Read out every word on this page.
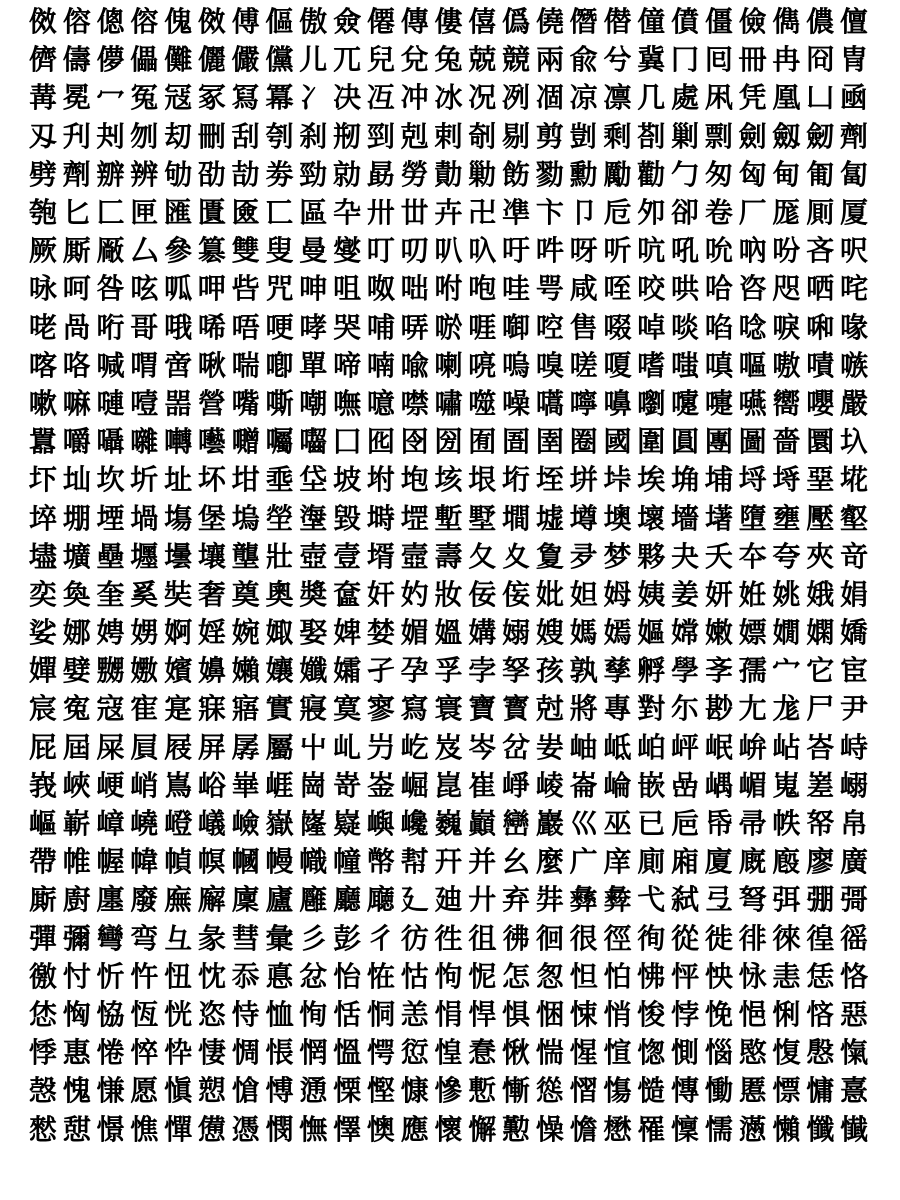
傚 傛 傯 傛 傀 傚 傅 傴 傲 僉 僊 傳 僂 僖 僞 僥 僭 僣 僮 僨 僵 儉 儁 儂 儃
儕 儔 儚 儡 儺 儷 儼 儻 儿 兀 兒 兌 兔 兢 競 兩 兪 兮 冀 冂 囘 冊 冉 冏 冑
冓 冕 冖 冤 冦 冢 冩 冪 冫 决 冱 冲 冰 况 冽 凅 凉 凛 几 處 凩 凭 凰 凵 凾
刄 刋 刔 刎 刧 刪 刮 刳 刹 剏 剄 剋 剌 剞 剔 剪 剴 剩 剳 剿 剽 劍 劔 劒 劑
劈 劑 辧 辨 劬 劭 劼 劵 勁 勍 勗 勞 勣 勦 飭 勠 勳 勵 勸 勹 匆 匈 甸 匍 匐
匏 匕 匚 匣 匯 匱 匳 匸 區 卆 卅 丗 卉 卍 凖 卞 卩 卮 夘 卻 卷 厂 厖 厠 厦
厥 厮 厰 厶 參 簒 雙 叟 曼 燮 叮 叨 叭 叺 吁 吽 呀 听 吭 吼 吮 吶 吩 吝 呎
咏 呵 咎 呟 呱 呷 呰 咒 呻 咀 呶 咄 咐 咆 哇 咢 咸 咥 咬 哄 哈 咨 咫 哂 咤
咾 咼 哘 哥 哦 唏 唔 哽 哮 哭 哺 哢 唹 啀 啣 啌 售 啜 啅 啖 啗 唸 唳 啝 喙
喀 咯 喊 喟 啻 啾 喘 喞 單 啼 喃 喩 喇 喨 嗚 嗅 嗟 嗄 嗜 嗤 嗔 嘔 嗷 嘖 嗾
嗽 嘛 嗹 噎 噐 營 嘴 嘶 嘲 嘸 噫 噤 嘯 噬 噪 嚆 嚀 嚊 嚠 嚔 嚏 嚥 嚮 嚶 嚴
囂 嚼 囁 囃 囀 囈 囎 囑 囓 囗 囮 囹 圀 囿 圄 圉 圈 國 圍 圓 團 圖 嗇 圜 圦
圷 圸 坎 圻 址 坏 坩 埀 垈 坡 坿 垉 垓 垠 垳 垤 垪 垰 埃 埆 埔 埒 埓 堊 埖
埣 堋 堙 堝 塲 堡 塢 塋 塰 毀 塒 堽 塹 墅 墹 墟 墫 墺 壞 墻 墸 墮 壅 壓 壑
壗 壙 壘 壥 壜 壤 壟 壯 壺 壹 壻 壼 壽 夂 夊 夐 夛 梦 夥 夬 夭 夲 夸 夾 竒
奕 奐 奎 奚 奘 奢 奠 奧 奬 奩 奸 妁 妝 佞 侫 妣 妲 姆 姨 姜 妍 姙 姚 娥 娟
娑 娜 娉 娚 婀 婬 婉 娵 娶 婢 婪 媚 媼 媾 嫋 嫂 媽 嫣 嫗 嫦 嫩 嫖 嫺 嫻 嬌
嬋 嬖 嬲 嫐 嬪 嬶 嬾 孃 孅 孀 孑 孕 孚 孛 孥 孩 孰 孳 孵 學 斈 孺 宀 它 宦
宸 寃 寇 寉 寔 寐 寤 實 寢 寞 寥 寫 寰 寶 寳 尅 將 專 對 尓 尠 尢 尨 尸 尹
屁 屆 屎 屓 屐 屏 孱 屬 屮 乢 屶 屹 岌 岑 岔 妛 岫 岻 岶 岼 岷 峅 岾 峇 峙
峩 峽 峺 峭 嶌 峪 崋 崕 崗 嵜 崟 崛 崑 崔 崢 崚 崙 崘 嵌 嵒 嵎 嵋 嵬 嵳 嵶
嶇 嶄 嶂 嶢 嶝 嶬 嶮 嶽 嶐 嶷 嶼 巉 巍 巓 巒 巖 巛 巫 已 巵 帋 帚 帙 帑 帛
帶 帷 幄 幃 幀 幎 幗 幔 幟 幢 幤 幇 幵 并 幺 麼 广 庠 廁 廂 廈 廐 廏 廖 廣
廝 廚 廛 廢 廡 廨 廩 廬 廱 廳 廰 廴 廸 廾 弃 弉 彝 彜 弋 弑 弖 弩 弭 弸 彁
彈 彌 彎 弯 彑 彖 彗 彙 彡 彭 彳 彷 徃 徂 彿 徊 很 徑 徇 從 徙 徘 徠 徨 徭
徼 忖 忻 忤 忸 忱 忝 悳 忿 怡 恠 怙 怐 怩 怎 怱 怛 怕 怫 怦 怏 怺 恚 恁 恪
恷 恟 恊 恆 恍 恣 恃 恤 恂 恬 恫 恙 悁 悍 惧 悃 悚 悄 悛 悖 悗 悒 悧 悋 惡
悸 惠 惓 悴 忰 悽 惆 悵 惘 慍 愕 愆 惶 惷 愀 惴 惺 愃 愡 惻 惱 愍 愎 慇 愾
愨 愧 慊 愿 愼 愬 愴 愽 慂 慄 慳 慷 慘 慙 慚 慫 慴 慯 慥 慱 慟 慝 慓 慵 憙
憖 憇 憬 憔 憚 憊 憑 憫 憮 懌 懊 應 懷 懈 懃 懆 憺 懋 罹 懍 懦 懣 懶 懺 懴
